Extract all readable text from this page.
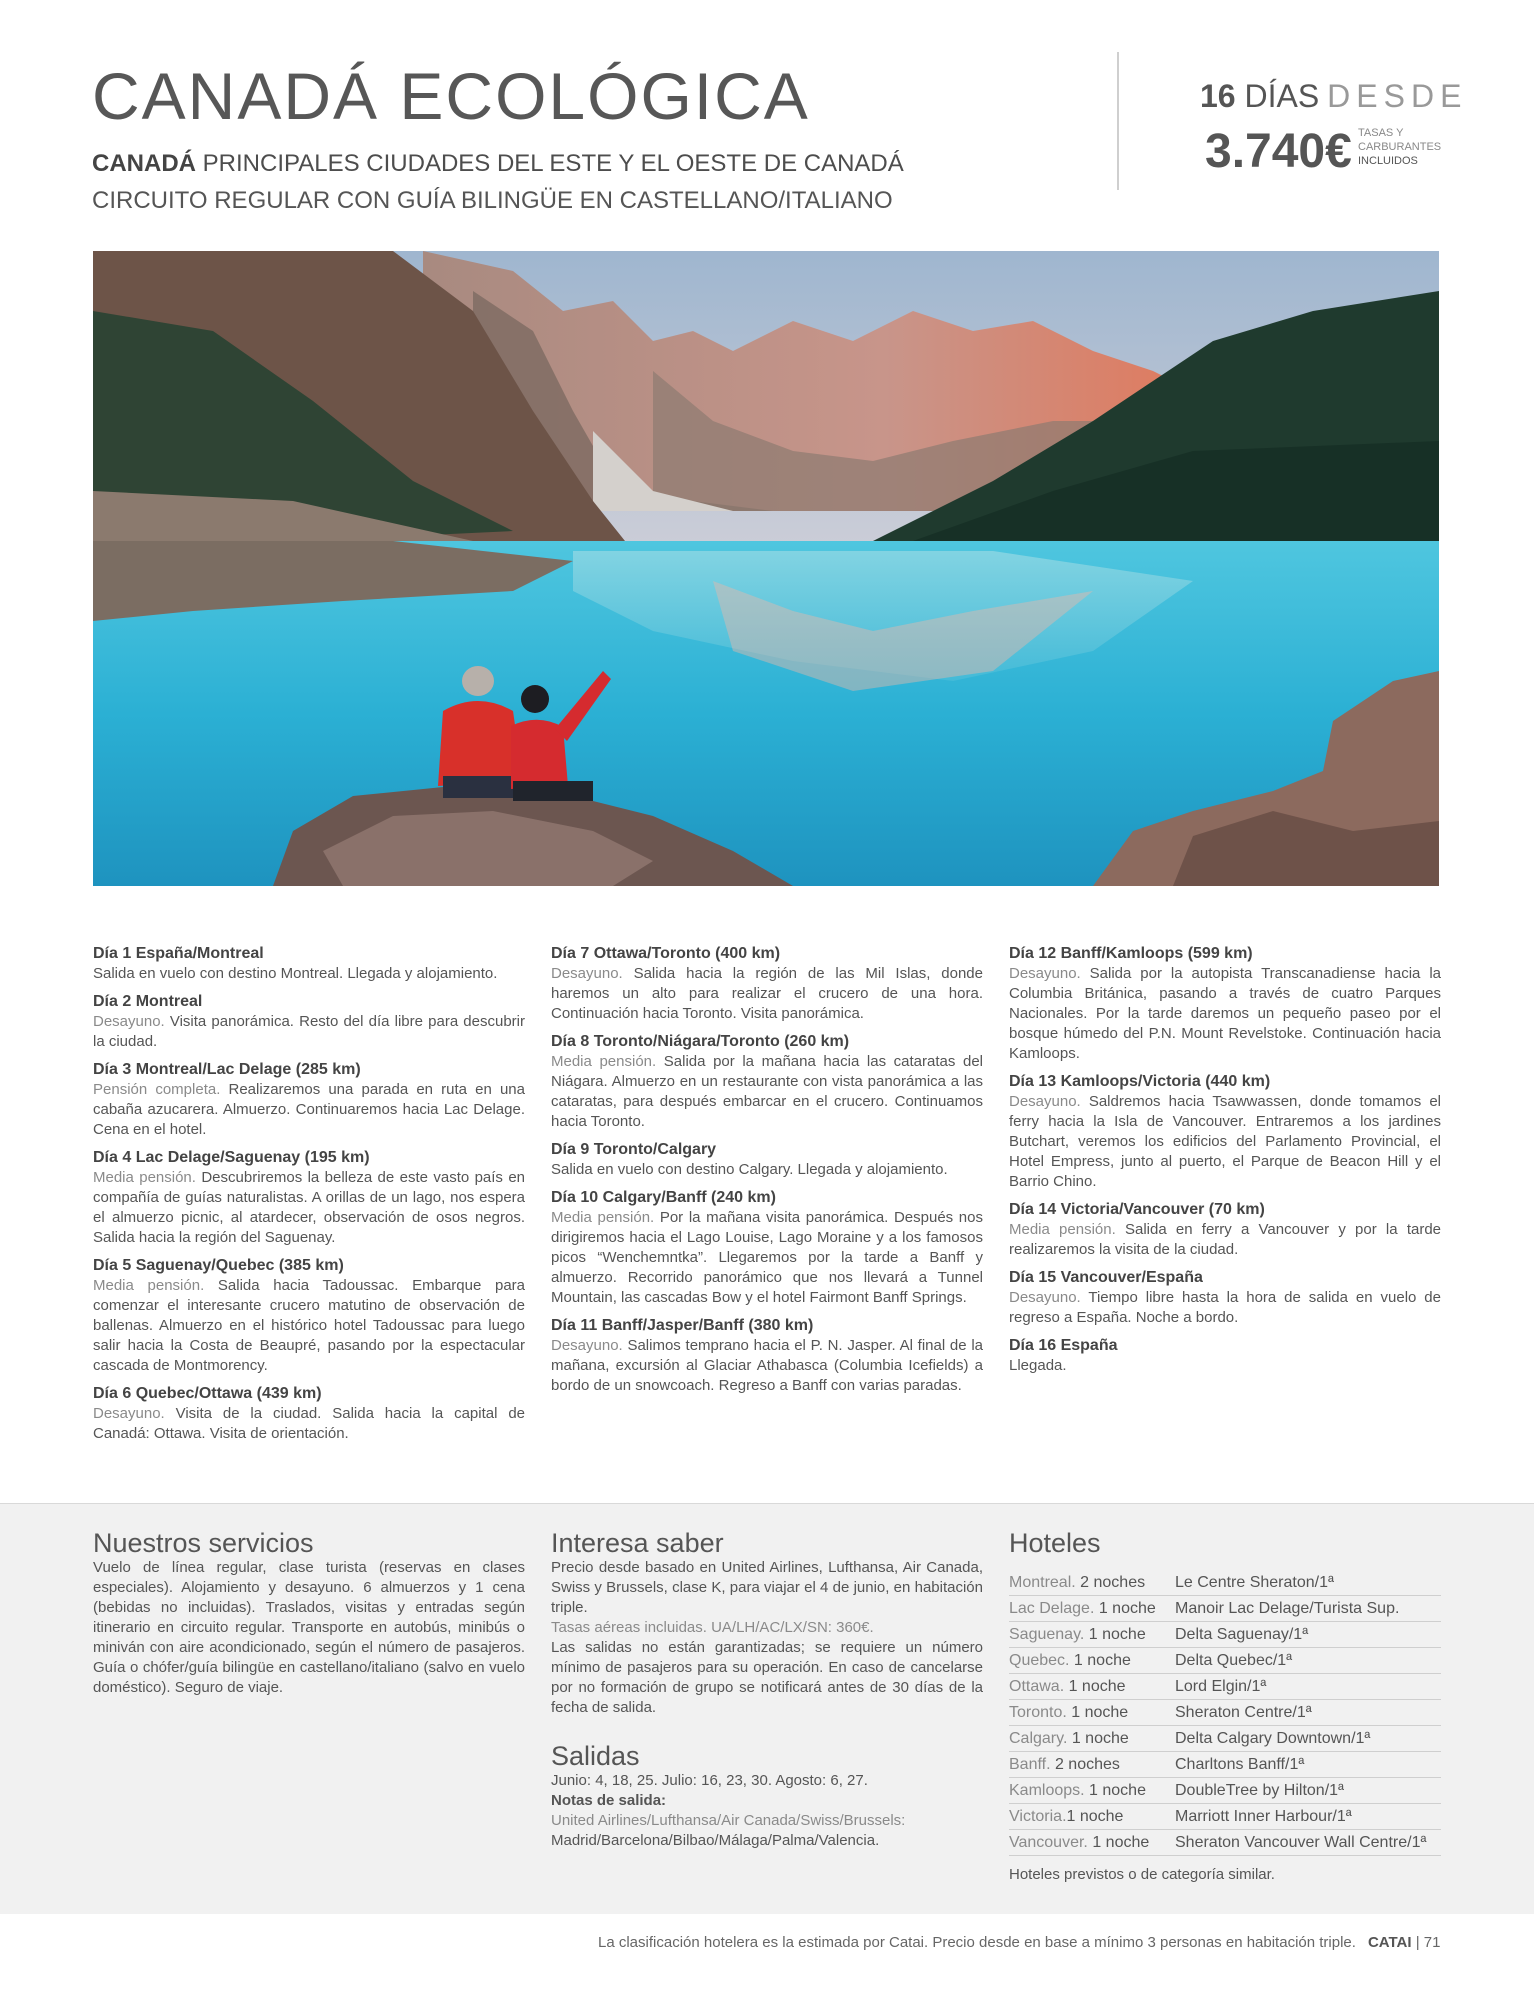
CANADÁ ECOLÓGICA
CANADÁ PRINCIPALES CIUDADES DEL ESTE Y EL OESTE DE CANADÁ
CIRCUITO REGULAR CON GUÍA BILINGÜE EN CASTELLANO/ITALIANO
16 DÍAS DESDE
3.740€ TASAS Y
CARBURANTES
INCLUIDOS
Día 1 España/Montreal
Salida en vuelo con destino Montreal. Llegada y alojamiento.
Día 2 Montreal
Desayuno. Visita panorámica. Resto del día libre para descubrir la ciudad.
Día 3 Montreal/Lac Delage (285 km)
Pensión completa. Realizaremos una parada en ruta en una cabaña azucarera. Almuerzo. Continuaremos hacia Lac Delage. Cena en el hotel.
Día 4 Lac Delage/Saguenay (195 km)
Media pensión. Descubriremos la belleza de este vasto país en compañía de guías naturalistas. A orillas de un lago, nos espera el almuerzo picnic, al atardecer, observación de osos negros. Salida hacia la región del Saguenay.
Día 5 Saguenay/Quebec (385 km)
Media pensión. Salida hacia Tadoussac. Embarque para comenzar el interesante crucero matutino de observación de ballenas. Almuerzo en el histórico hotel Tadoussac para luego salir hacia la Costa de Beaupré, pasando por la espectacular cascada de Montmorency.
Día 6 Quebec/Ottawa (439 km)
Desayuno. Visita de la ciudad. Salida hacia la capital de Canadá: Ottawa. Visita de orientación.
Día 7 Ottawa/Toronto (400 km)
Desayuno. Salida hacia la región de las Mil Islas, donde haremos un alto para realizar el crucero de una hora. Continuación hacia Toronto. Visita panorámica.
Día 8 Toronto/Niágara/Toronto (260 km)
Media pensión. Salida por la mañana hacia las cataratas del Niágara. Almuerzo en un restaurante con vista panorámica a las cataratas, para después embarcar en el crucero. Continuamos hacia Toronto.
Día 9 Toronto/Calgary
Salida en vuelo con destino Calgary. Llegada y alojamiento.
Día 10 Calgary/Banff (240 km)
Media pensión. Por la mañana visita panorámica. Después nos dirigiremos hacia el Lago Louise, Lago Moraine y a los famosos picos “Wenchemntka”. Llegaremos por la tarde a Banff y almuerzo. Recorrido panorámico que nos llevará a Tunnel Mountain, las cascadas Bow y el hotel Fairmont Banff Springs.
Día 11 Banff/Jasper/Banff (380 km)
Desayuno. Salimos temprano hacia el P. N. Jasper. Al final de la mañana, excursión al Glaciar Athabasca (Columbia Icefields) a bordo de un snowcoach. Regreso a Banff con varias paradas.
Día 12 Banff/Kamloops (599 km)
Desayuno. Salida por la autopista Transcanadiense hacia la Columbia Británica, pasando a través de cuatro Parques Nacionales. Por la tarde daremos un pequeño paseo por el bosque húmedo del P.N. Mount Revelstoke. Continuación hacia Kamloops.
Día 13 Kamloops/Victoria (440 km)
Desayuno. Saldremos hacia Tsawwassen, donde tomamos el ferry hacia la Isla de Vancouver. Entraremos a los jardines Butchart, veremos los edificios del Parlamento Provincial, el Hotel Empress, junto al puerto, el Parque de Beacon Hill y el Barrio Chino.
Día 14 Victoria/Vancouver (70 km)
Media pensión. Salida en ferry a Vancouver y por la tarde realizaremos la visita de la ciudad.
Día 15 Vancouver/España
Desayuno. Tiempo libre hasta la hora de salida en vuelo de regreso a España. Noche a bordo.
Día 16 España
Llegada.
Nuestros servicios
Vuelo de línea regular, clase turista (reservas en clases especiales). Alojamiento y desayuno. 6 almuerzos y 1 cena (bebidas no incluidas). Traslados, visitas y entradas según itinerario en circuito regular. Transporte en autobús, minibús o miniván con aire acondicionado, según el número de pasajeros. Guía o chófer/guía bilingüe en castellano/italiano (salvo en vuelo doméstico). Seguro de viaje.
Interesa saber
Precio desde basado en United Airlines, Lufthansa, Air Canada, Swiss y Brussels, clase K, para viajar el 4 de junio, en habitación triple.
Tasas aéreas incluidas. UA/LH/AC/LX/SN: 360€.
Las salidas no están garantizadas; se requiere un número mínimo de pasajeros para su operación. En caso de cancelarse por no formación de grupo se notificará antes de 30 días de la fecha de salida.
Salidas
Junio: 4, 18, 25. Julio: 16, 23, 30. Agosto: 6, 27.
Notas de salida:
United Airlines/Lufthansa/Air Canada/Swiss/Brussels:
Madrid/Barcelona/Bilbao/Málaga/Palma/Valencia.
Hoteles
Montreal. 2 noches	Le Centre Sheraton/1ª
Lac Delage. 1 noche	Manoir Lac Delage/Turista Sup.
Saguenay. 1 noche	Delta Saguenay/1ª
Quebec. 1 noche	Delta Quebec/1ª
Ottawa. 1 noche	Lord Elgin/1ª
Toronto. 1 noche	Sheraton Centre/1ª
Calgary. 1 noche	Delta Calgary Downtown/1ª
Banff. 2 noches	Charltons Banff/1ª
Kamloops. 1 noche	DoubleTree by Hilton/1ª
Victoria.1 noche	Marriott Inner Harbour/1ª
Vancouver. 1 noche	Sheraton Vancouver Wall Centre/1ª
Hoteles previstos o de categoría similar.
La clasificación hotelera es la estimada por Catai. Precio desde en base a mínimo 3 personas en habitación triple. CATAI | 71
